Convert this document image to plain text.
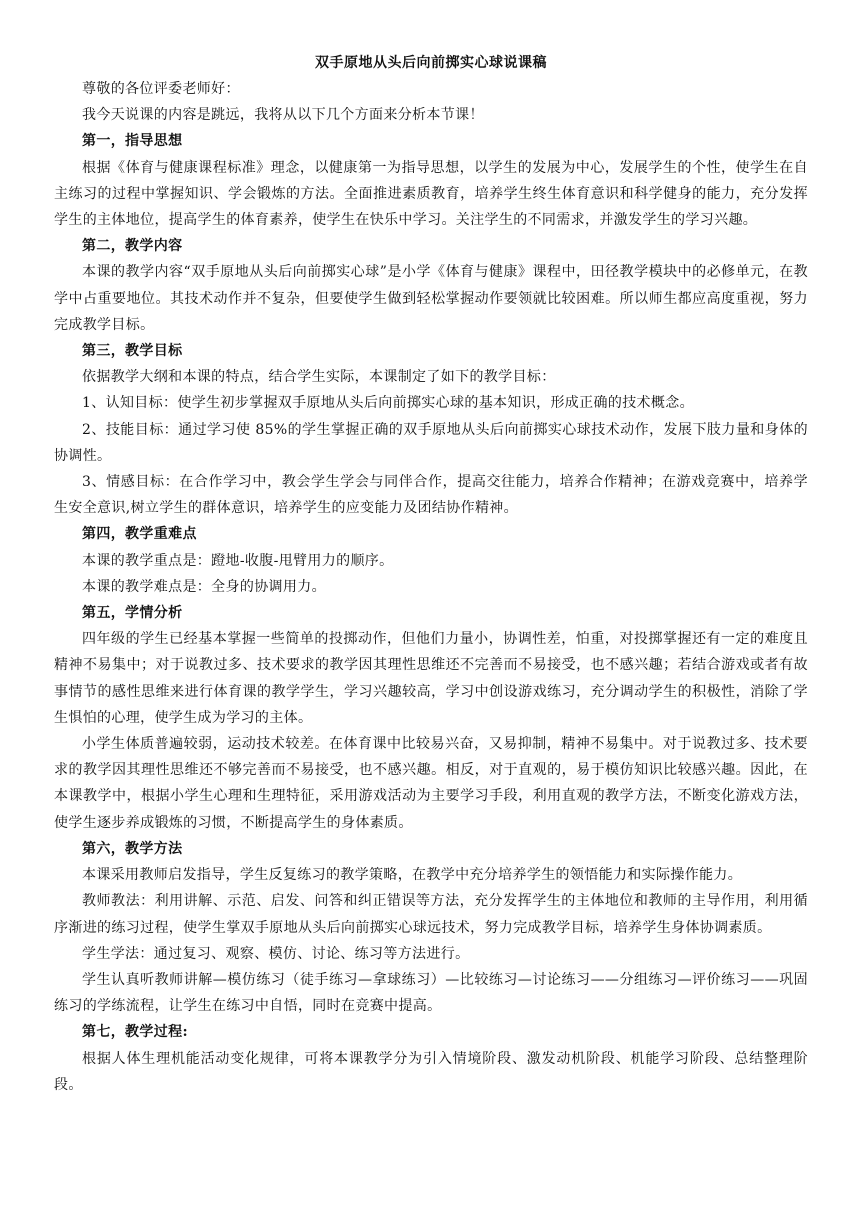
双手原地从头后向前掷实心球说课稿

尊敬的各位评委老师好：

我今天说课的内容是跳远，我将从以下几个方面来分析本节课！

第一，指导思想

根据《体育与健康课程标准》理念，以健康第一为指导思想，以学生的发展为中心，发展学生的个性，使学生在自主练习的过程中掌握知识、学会锻炼的方法。全面推进素质教育，培养学生终生体育意识和科学健身的能力，充分发挥学生的主体地位，提高学生的体育素养，使学生在快乐中学习。关注学生的不同需求，并激发学生的学习兴趣。

第二，教学内容

本课的教学内容“双手原地从头后向前掷实心球”是小学《体育与健康》课程中，田径教学模块中的必修单元，在教学中占重要地位。其技术动作并不复杂，但要使学生做到轻松掌握动作要领就比较困难。所以师生都应高度重视，努力完成教学目标。

第三，教学目标

依据教学大纲和本课的特点，结合学生实际，本课制定了如下的教学目标：

1、认知目标：使学生初步掌握双手原地从头后向前掷实心球的基本知识，形成正确的技术概念。

2、技能目标：通过学习使 85%的学生掌握正确的双手原地从头后向前掷实心球技术动作，发展下肢力量和身体的协调性。

3、情感目标：在合作学习中，教会学生学会与同伴合作，提高交往能力，培养合作精神；在游戏竞赛中，培养学生安全意识,树立学生的群体意识，培养学生的应变能力及团结协作精神。

第四，教学重难点

本课的教学重点是：蹬地-收腹-甩臂用力的顺序。

本课的教学难点是：全身的协调用力。

第五，学情分析

四年级的学生已经基本掌握一些简单的投掷动作，但他们力量小，协调性差，怕重，对投掷掌握还有一定的难度且精神不易集中；对于说教过多、技术要求的教学因其理性思维还不完善而不易接受，也不感兴趣；若结合游戏或者有故事情节的感性思维来进行体育课的教学学生，学习兴趣较高，学习中创设游戏练习，充分调动学生的积极性，消除了学生惧怕的心理，使学生成为学习的主体。

小学生体质普遍较弱，运动技术较差。在体育课中比较易兴奋，又易抑制，精神不易集中。对于说教过多、技术要求的教学因其理性思维还不够完善而不易接受，也不感兴趣。相反，对于直观的，易于模仿知识比较感兴趣。因此，在本课教学中，根据小学生心理和生理特征，采用游戏活动为主要学习手段，利用直观的教学方法，不断变化游戏方法，使学生逐步养成锻炼的习惯，不断提高学生的身体素质。

第六，教学方法

本课采用教师启发指导，学生反复练习的教学策略，在教学中充分培养学生的领悟能力和实际操作能力。

教师教法：利用讲解、示范、启发、问答和纠正错误等方法，充分发挥学生的主体地位和教师的主导作用，利用循序渐进的练习过程，使学生掌双手原地从头后向前掷实心球远技术，努力完成教学目标，培养学生身体协调素质。

学生学法：通过复习、观察、模仿、讨论、练习等方法进行。

学生认真听教师讲解—模仿练习（徒手练习—拿球练习）—比较练习—讨论练习——分组练习—评价练习——巩固练习的学练流程，让学生在练习中自悟，同时在竞赛中提高。

第七，教学过程:

根据人体生理机能活动变化规律，可将本课教学分为引入情境阶段、激发动机阶段、机能学习阶段、总结整理阶段。
